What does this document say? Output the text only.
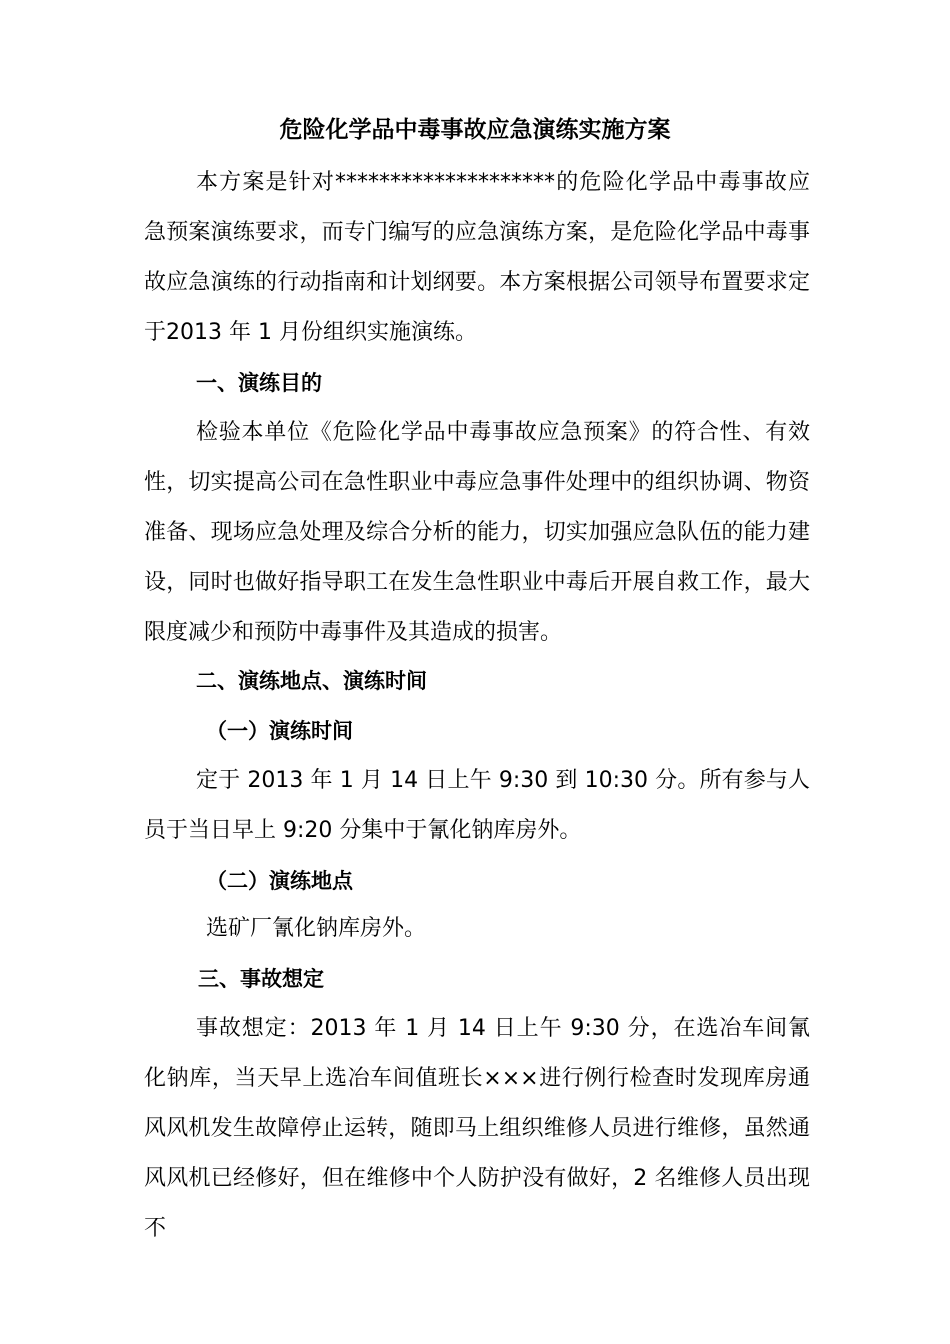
危险化学品中毒事故应急演练实施方案

本方案是针对********************的危险化学品中毒事故应急预案演练要求，而专门编写的应急演练方案，是危险化学品中毒事故应急演练的行动指南和计划纲要。本方案根据公司领导布置要求定于2013 年 1 月份组织实施演练。

一、演练目的

检验本单位《危险化学品中毒事故应急预案》的符合性、有效性，切实提高公司在急性职业中毒应急事件处理中的组织协调、物资准备、现场应急处理及综合分析的能力，切实加强应急队伍的能力建设，同时也做好指导职工在发生急性职业中毒后开展自救工作，最大限度减少和预防中毒事件及其造成的损害。

二、演练地点、演练时间
（一）演练时间

定于 2013 年 1 月 14 日上午 9:30 到 10:30 分。所有参与人员于当日早上 9:20 分集中于氰化钠库房外。

（二）演练地点
选矿厂氰化钠库房外。
三、事故想定

事故想定：2013 年 1 月 14 日上午 9:30 分，在选冶车间氰化钠库，当天早上选冶车间值班长×××进行例行检查时发现库房通风风机发生故障停止运转，随即马上组织维修人员进行维修，虽然通风风机已经修好，但在维修中个人防护没有做好，2 名维修人员出现不
